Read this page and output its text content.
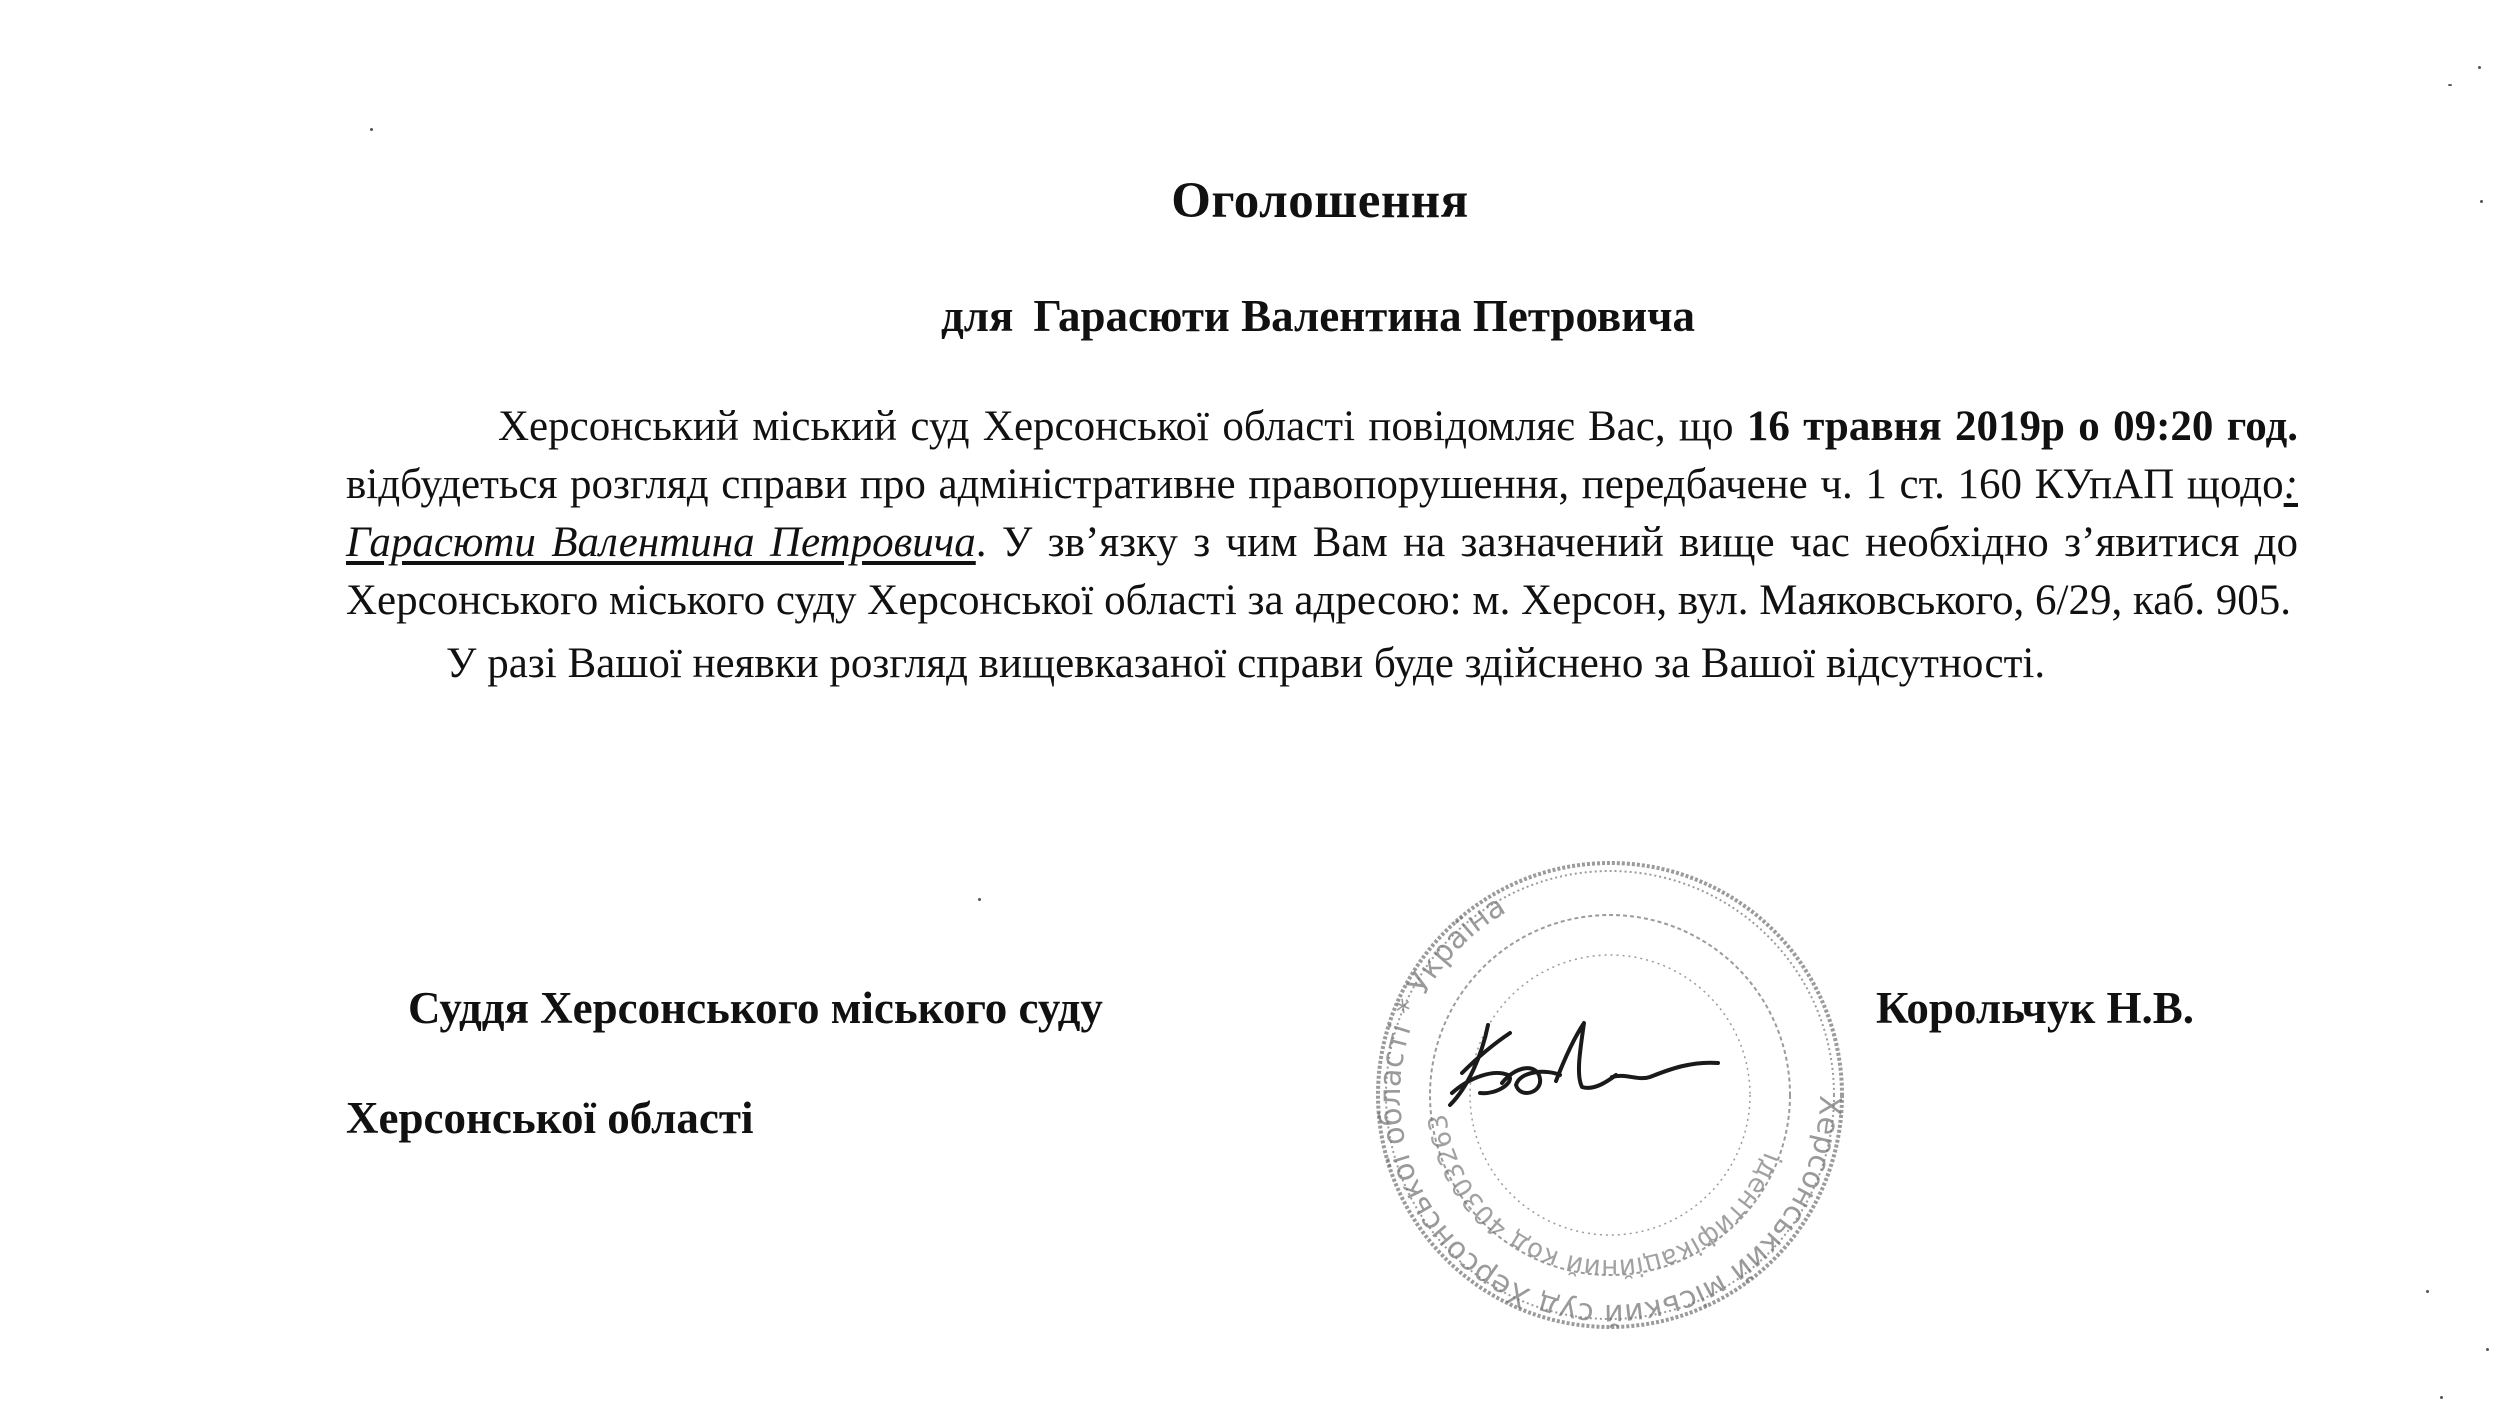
Оголошення
для Гарасюти Валентина Петровича

Херсонський міський суд Херсонської області повідомляє Вас, що 16 травня 2019р о 09:20 год. відбудеться розгляд справи про адміністративне правопорушення, передбачене ч. 1 ст. 160 КУпАП щодо: Гарасюти Валентина Петровича. У зв’язку з чим Вам на зазначений вище час необхідно з’явитися до Херсонського міського суду Херсонської області за адресою: м. Херсон, вул. Маяковського, 6/29, каб. 905.

У разі Вашої неявки розгляд вищевказаної справи буде здійснено за Вашої відсутності.

Суддя Херсонського міського суду
Херсонської області
Корольчук Н.В.
Херсонський міський суд Херсонської області * Україна
ідентифікаційний код 40303263
